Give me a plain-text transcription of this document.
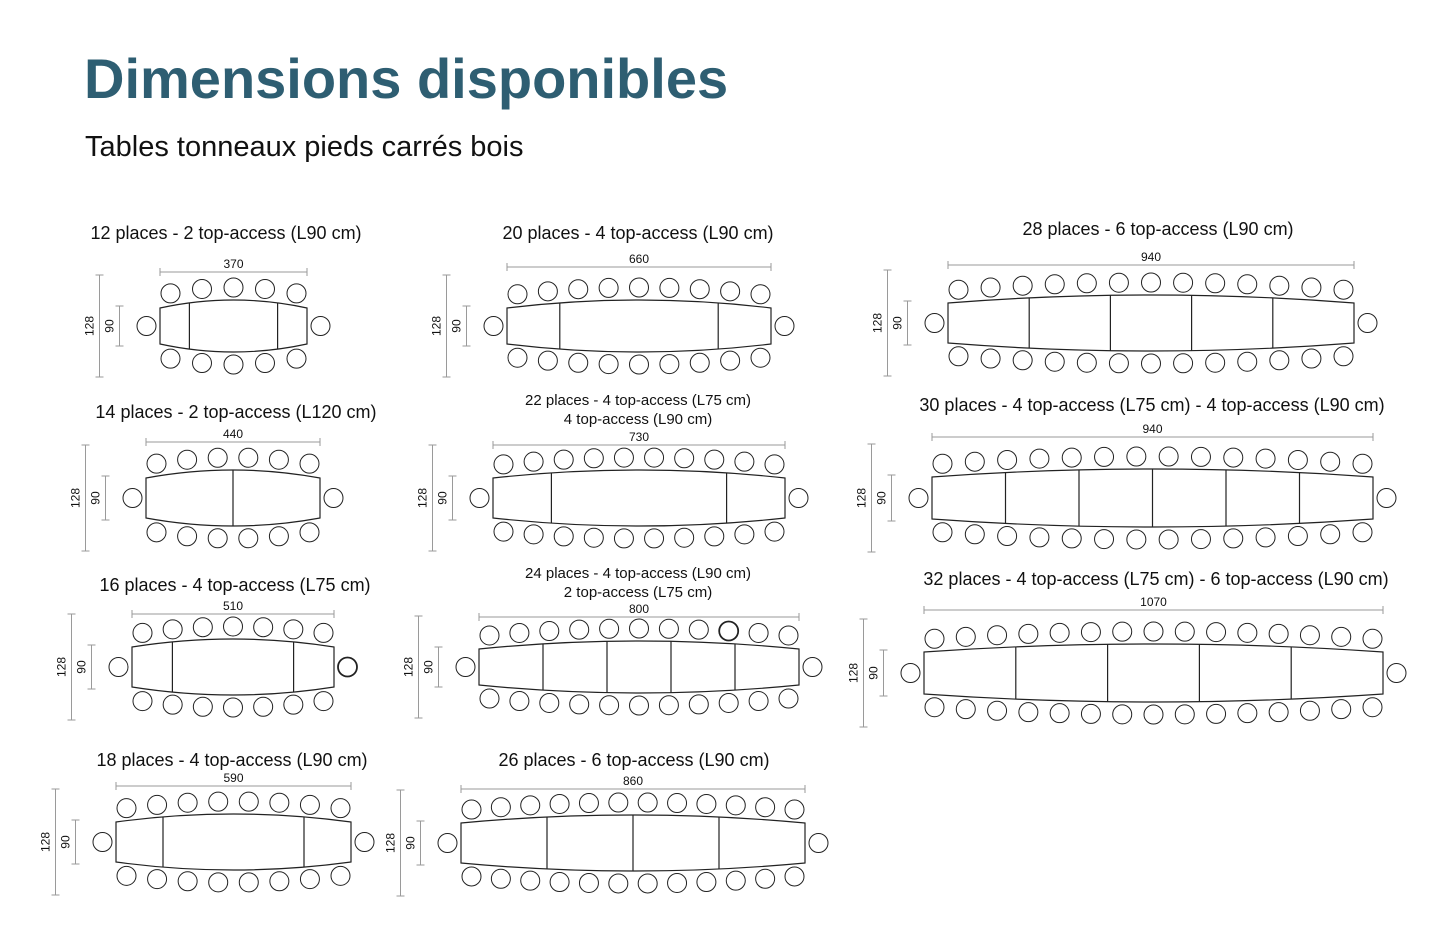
Dimensions disponibles
Tables tonneaux pieds carrés bois
12 places - 2 top-access (L90 cm)
370
128 90
14 places - 2 top-access (L120 cm)
440
128 90
16 places - 4 top-access (L75 cm)
510
128 90
18 places - 4 top-access (L90 cm)
590
128 90
20 places - 4 top-access (L90 cm)
660
128 90
22 places - 4 top-access (L75 cm)
4 top-access (L90 cm)
730
128 90
24 places - 4 top-access (L90 cm)
2 top-access (L75 cm)
800
128 90
26 places - 6 top-access (L90 cm)
860
128 90
28 places - 6 top-access (L90 cm)
940
128 90
30 places - 4 top-access (L75 cm) - 4 top-access (L90 cm)
940
128 90
32 places - 4 top-access (L75 cm) - 6 top-access (L90 cm)
1070
128 90
